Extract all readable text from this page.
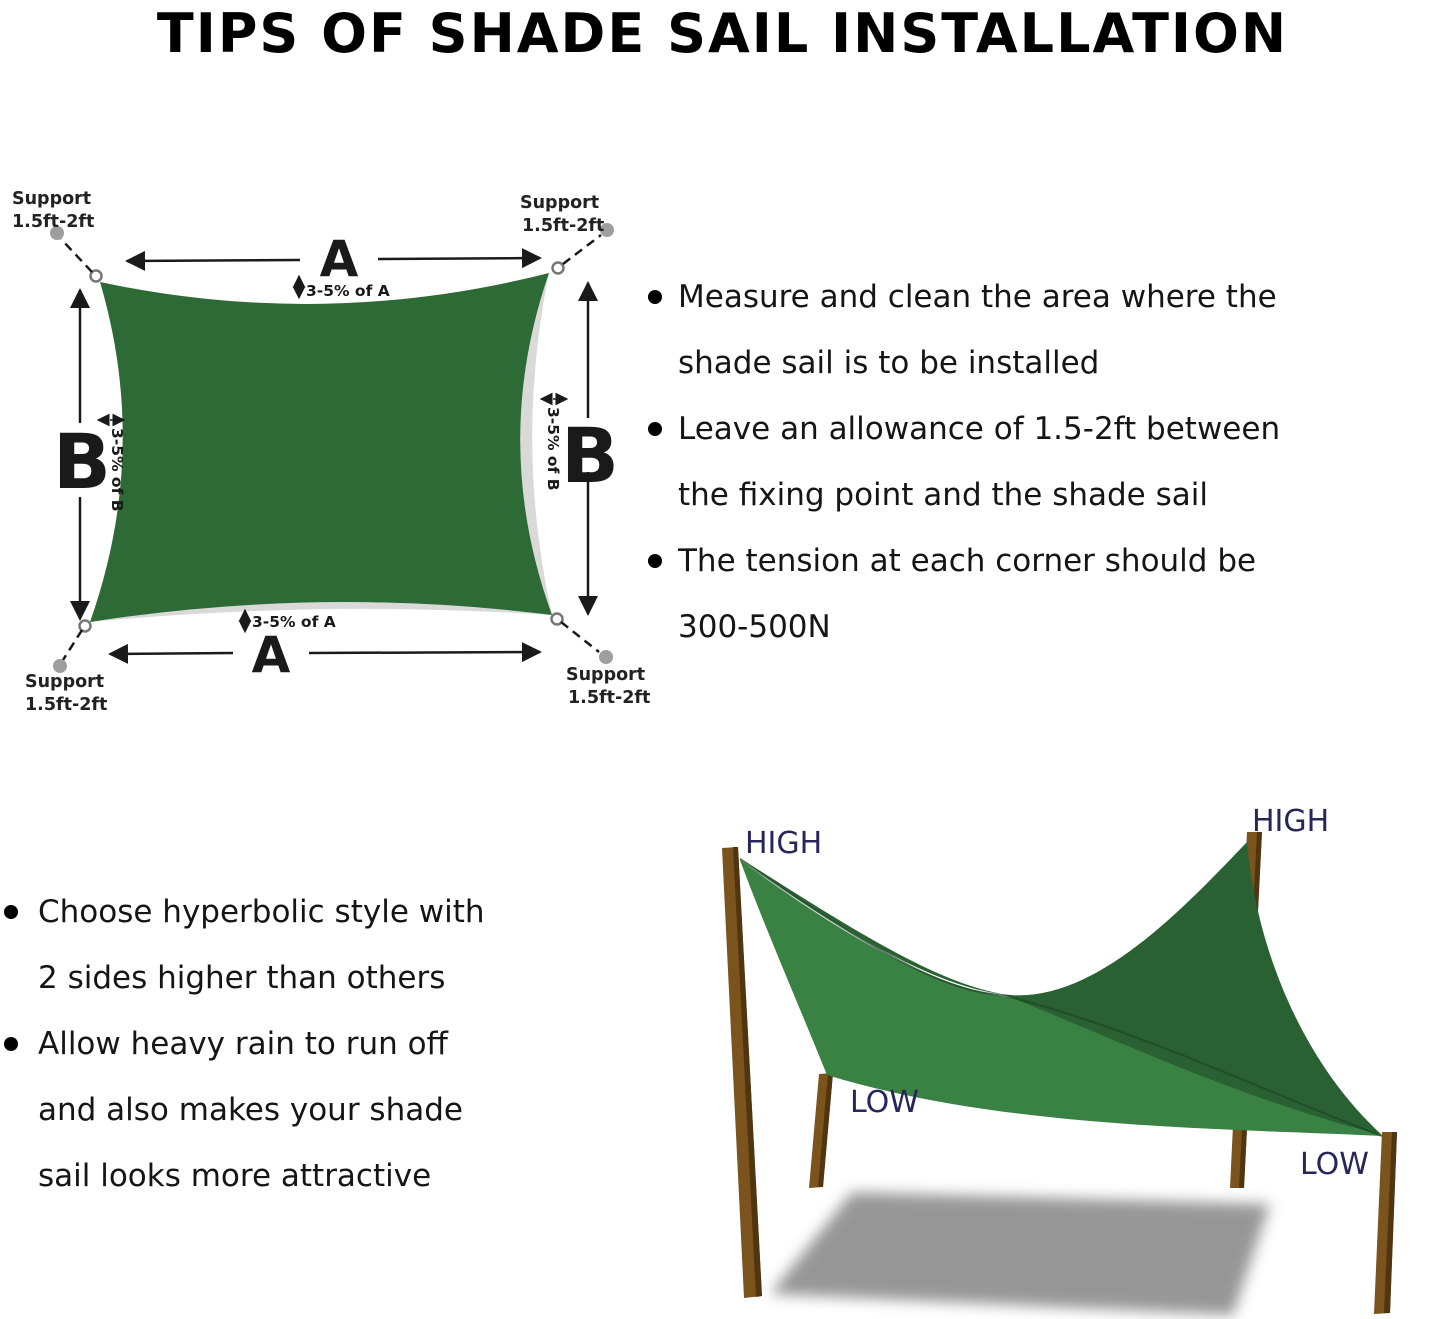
TIPS OF SHADE SAIL INSTALLATION
Support
1.5ft-2ft
Support
1.5ft-2ft
Support
1.5ft-2ft
Support
1.5ft-2ft
A
3-5% of A
A
3-5% of A
B
3-5% of B	B
3-5% of B
Measure and clean the area where the
shade sail is to be installed
Leave an allowance of 1.5-2ft between
the fixing point and the shade sail
The tension at each corner should be
300-500N
Choose hyperbolic style with
2 sides higher than others
Allow heavy rain to run off
and also makes your shade
sail looks more attractive
HIGH
HIGH
LOW
LOW
